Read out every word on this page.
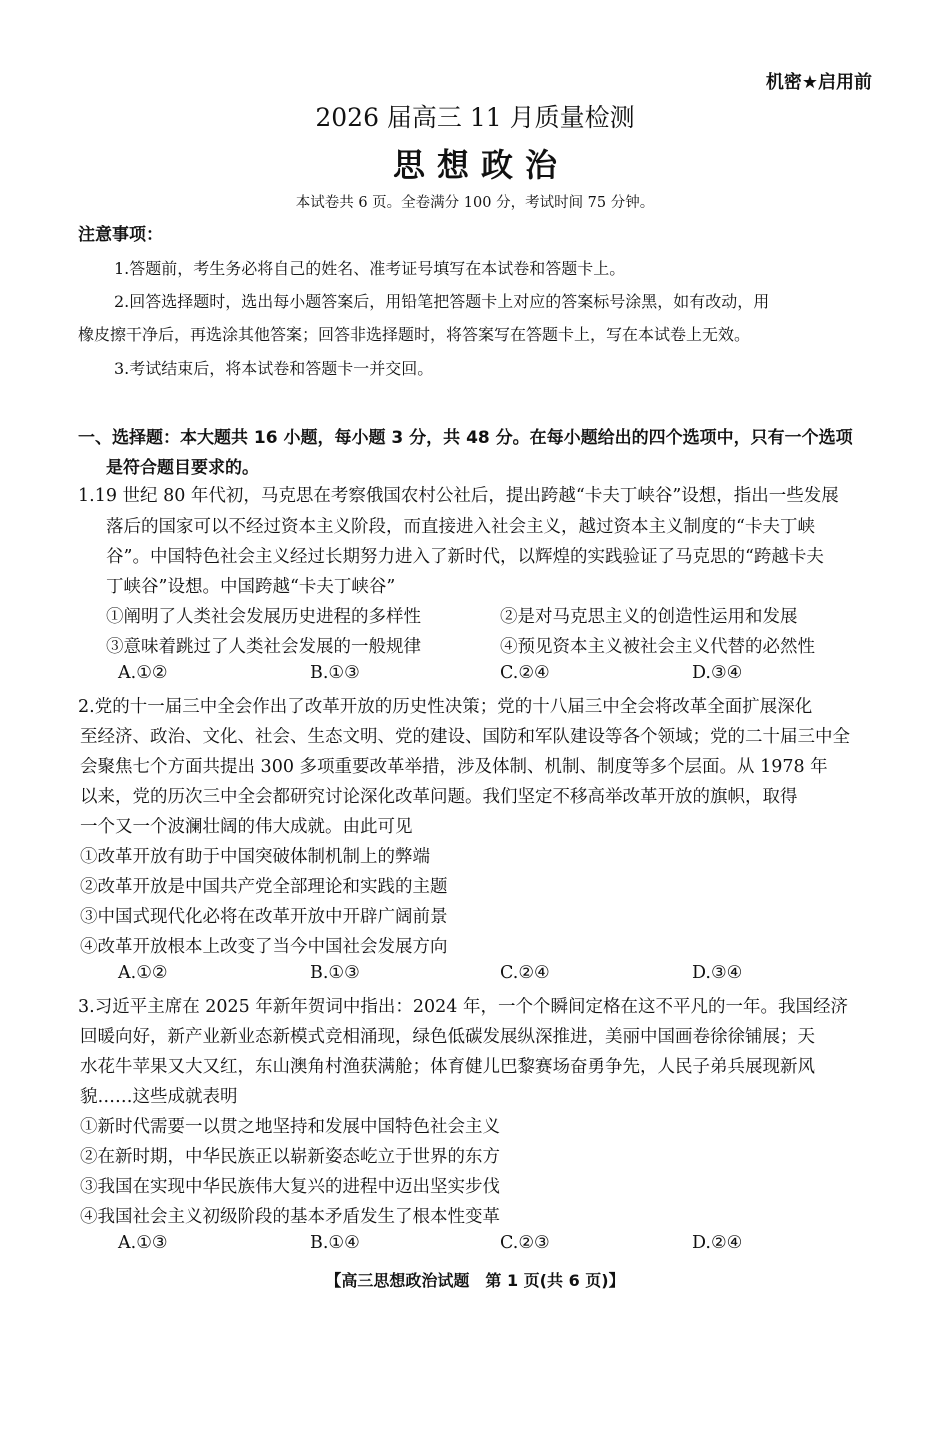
机密★启用前
2026 届高三 11 月质量检测
思想政治
本试卷共 6 页。全卷满分 100 分，考试时间 75 分钟。
注意事项：
1.答题前，考生务必将自己的姓名、准考证号填写在本试卷和答题卡上。
2.回答选择题时，选出每小题答案后，用铅笔把答题卡上对应的答案标号涂黑，如有改动，用
橡皮擦干净后，再选涂其他答案；回答非选择题时，将答案写在答题卡上，写在本试卷上无效。
3.考试结束后，将本试卷和答题卡一并交回。
一、选择题：本大题共 16 小题，每小题 3 分，共 48 分。在每小题给出的四个选项中，只有一个选项
是符合题目要求的。
1.19 世纪 80 年代初，马克思在考察俄国农村公社后，提出跨越“卡夫丁峡谷”设想，指出一些发展
落后的国家可以不经过资本主义阶段，而直接进入社会主义，越过资本主义制度的“卡夫丁峡
谷”。中国特色社会主义经过长期努力进入了新时代，以辉煌的实践验证了马克思的“跨越卡夫
丁峡谷”设想。中国跨越“卡夫丁峡谷”
①阐明了人类社会发展历史进程的多样性	②是对马克思主义的创造性运用和发展
③意味着跳过了人类社会发展的一般规律	④预见资本主义被社会主义代替的必然性
A.①②	B.①③	C.②④	D.③④
2.党的十一届三中全会作出了改革开放的历史性决策；党的十八届三中全会将改革全面扩展深化
至经济、政治、文化、社会、生态文明、党的建设、国防和军队建设等各个领域；党的二十届三中全
会聚焦七个方面共提出 300 多项重要改革举措，涉及体制、机制、制度等多个层面。从 1978 年
以来，党的历次三中全会都研究讨论深化改革问题。我们坚定不移高举改革开放的旗帜，取得
一个又一个波澜壮阔的伟大成就。由此可见
①改革开放有助于中国突破体制机制上的弊端
②改革开放是中国共产党全部理论和实践的主题
③中国式现代化必将在改革开放中开辟广阔前景
④改革开放根本上改变了当今中国社会发展方向
A.①②	B.①③	C.②④	D.③④
3.习近平主席在 2025 年新年贺词中指出：2024 年，一个个瞬间定格在这不平凡的一年。我国经济
回暖向好，新产业新业态新模式竞相涌现，绿色低碳发展纵深推进，美丽中国画卷徐徐铺展；天
水花牛苹果又大又红，东山澳角村渔获满舱；体育健儿巴黎赛场奋勇争先，人民子弟兵展现新风
貌……这些成就表明
①新时代需要一以贯之地坚持和发展中国特色社会主义
②在新时期，中华民族正以崭新姿态屹立于世界的东方
③我国在实现中华民族伟大复兴的进程中迈出坚实步伐
④我国社会主义初级阶段的基本矛盾发生了根本性变革
A.①③	B.①④	C.②③	D.②④
【高三思想政治试题　第 1 页(共 6 页)】
